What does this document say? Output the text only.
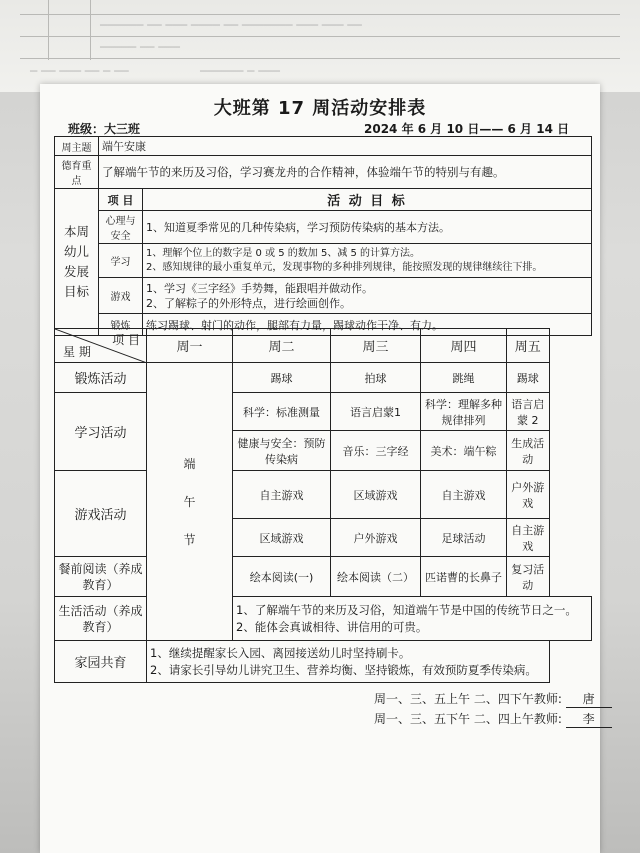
────── ── ─── ──── ── ─────── ─── ─── ──
───── ── ───
────── ─ ───
─ ── ─── ── ─ ──
大班第 17 周活动安排表
班级：大三班	2024 年 6 月 10 日—— 6 月 14 日
周主题	端午安康	
德育重点	了解端午节的来历及习俗，学习赛龙舟的合作精神，体验端午节的特别与有趣。	
本周幼儿发展目标	项 目	活 动 目 标
	心理与安全	1、知道夏季常见的几种传染病，学习预防传染病的基本方法。
	学习	1、理解个位上的数字是 0 或 5 的数加 5、减 5 的计算方法。
2、感知规律的最小重复单元，发现事物的多种排列规律，能按照发现的规律继续往下排。
	游戏	1、学习《三字经》手势舞，能跟唱并做动作。
2、了解粽子的外形特点，进行绘画创作。
	锻炼	练习踢球、射门的动作，腿部有力量，踢球动作干净、有力。
项 目
星 期	周一	周二	周三	周四	周五
锻炼活动	端午节	踢球	拍球	跳绳	踢球
学习活动		科学：标准测量	语言启蒙1	科学：理解多种规律排列	语言启蒙 2
		健康与安全：预防传染病	音乐：三字经	美术：端午粽	生成活动
游戏活动		自主游戏	区域游戏	自主游戏	户外游戏
		区域游戏	户外游戏	足球活动	自主游戏
餐前阅读（养成教育）		绘本阅读(一)	绘本阅读（二）	匹诺曹的长鼻子	复习活动
生活活动（养成教育）		1、了解端午节的来历及习俗，知道端午节是中国的传统节日之一。
2、能体会真诚相待、讲信用的可贵。			
家园共育	1、继续提醒家长入园、离园接送幼儿时坚持刷卡。
2、请家长引导幼儿讲究卫生、营养均衡、坚持锻炼，有效预防夏季传染病。				
周一、三、五上午 二、四下午教师: 唐
周一、三、五下午 二、四上午教师: 李
